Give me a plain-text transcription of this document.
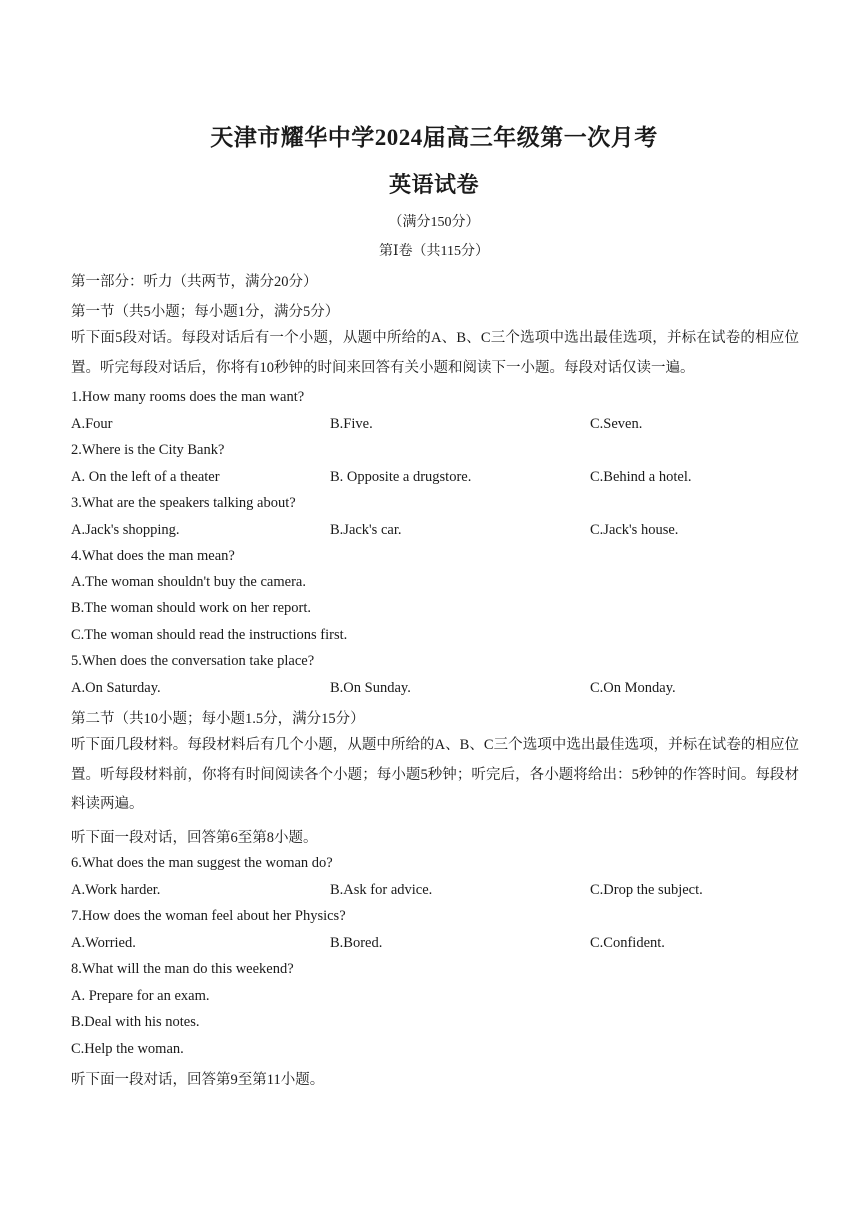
天津市耀华中学2024届高三年级第一次月考
英语试卷
（满分150分）
第Ⅰ卷（共115分）
第一部分：听力（共两节，满分20分）
第一节（共5小题；每小题1分，满分5分）
听下面5段对话。每段对话后有一个小题，从题中所给的A、B、C三个选项中选出最佳选项，并标在试卷的相应位置。听完每段对话后，你将有10秒钟的时间来回答有关小题和阅读下一小题。每段对话仅读一遍。
1.How many rooms does the man want?
A.Four	B.Five.	C.Seven.
2.Where is the City Bank?
A. On the left of a theater	B. Opposite a drugstore.	C.Behind a hotel.
3.What are the speakers talking about?
A.Jack's shopping.	B.Jack's car.	C.Jack's house.
4.What does the man mean?
A.The woman shouldn't buy the camera.
B.The woman should work on her report.
C.The woman should read the instructions first.
5.When does the conversation take place?
A.On Saturday.	B.On Sunday.	C.On Monday.
第二节（共10小题；每小题1.5分，满分15分）
听下面几段材料。每段材料后有几个小题，从题中所给的A、B、C三个选项中选出最佳选项，并标在试卷的相应位置。听每段材料前，你将有时间阅读各个小题；每小题5秒钟；听完后，各小题将给出：5秒钟的作答时间。每段材料读两遍。
听下面一段对话，回答第6至第8小题。
6.What does the man suggest the woman do?
A.Work harder.	B.Ask for advice.	C.Drop the subject.
7.How does the woman feel about her Physics?
A.Worried.	B.Bored.	C.Confident.
8.What will the man do this weekend?
A. Prepare for an exam.
B.Deal with his notes.
C.Help the woman.
听下面一段对话，回答第9至第11小题。
